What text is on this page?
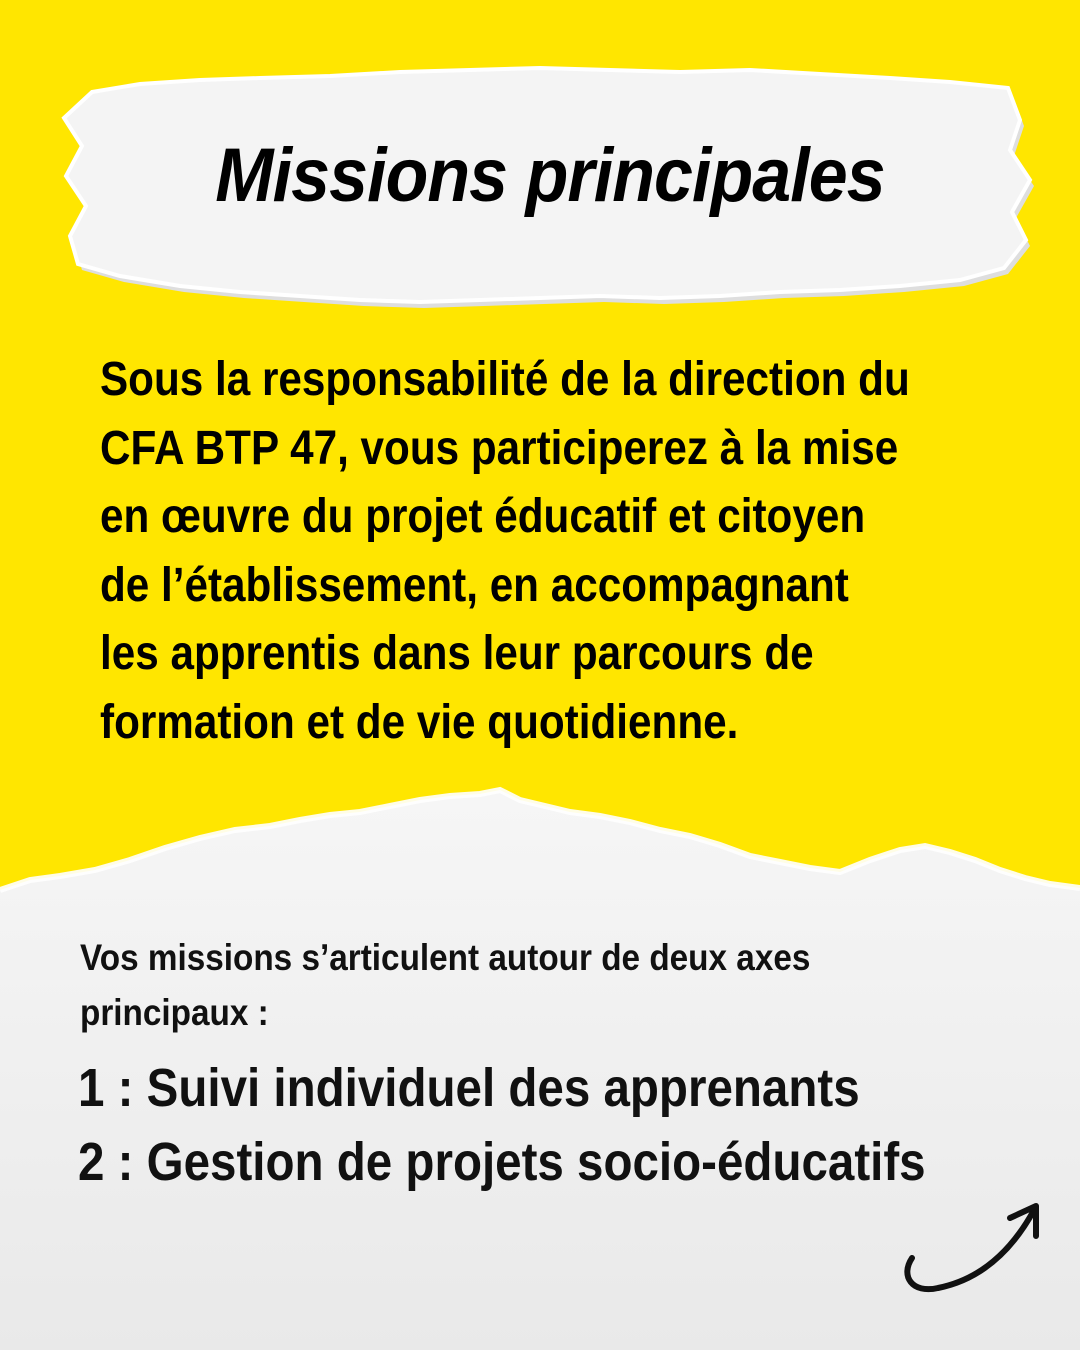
Missions principales
Sous la responsabilité de la direction du
CFA BTP 47, vous participerez à la mise
en œuvre du projet éducatif et citoyen
de l’établissement, en accompagnant
les apprentis dans leur parcours de
formation et de vie quotidienne.
Vos missions s’articulent autour de deux axes
principaux :
1 : Suivi individuel des apprenants
2 : Gestion de projets socio-éducatifs
